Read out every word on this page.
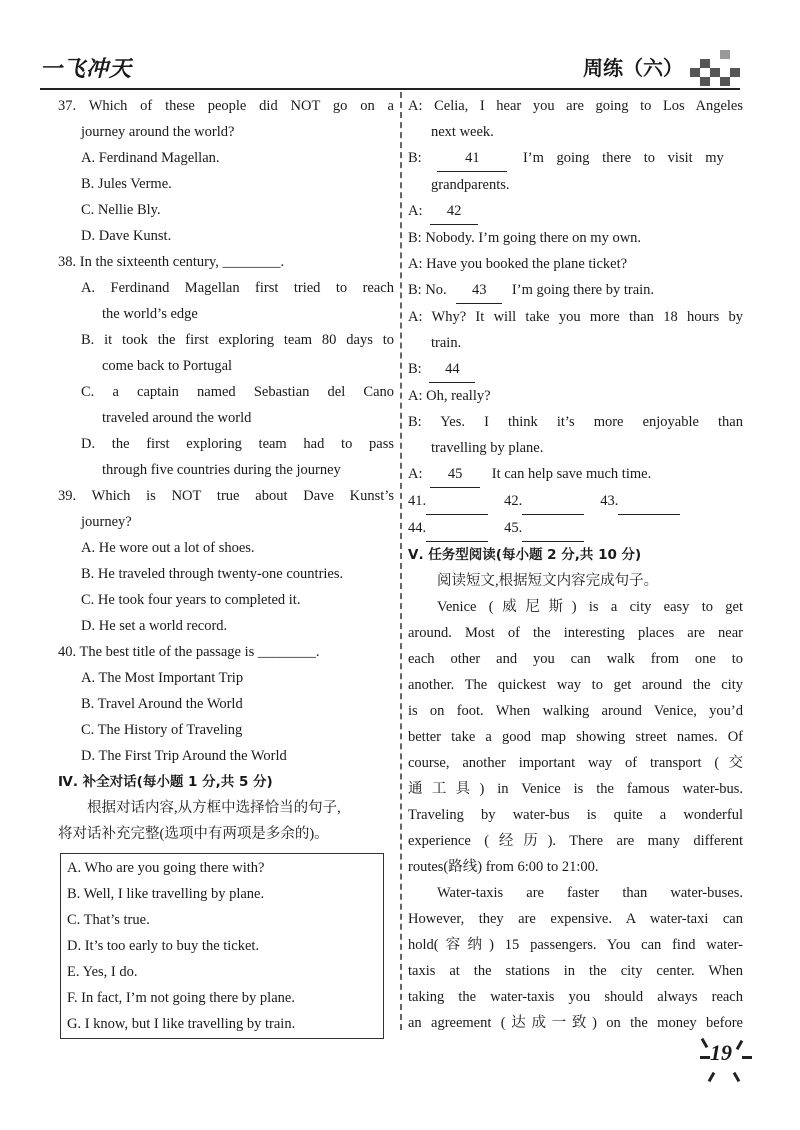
一飞冲天	周练（六）
37. Which of these people did NOT go on a
journey around the world?
A. Ferdinand Magellan.
B. Jules Verme.
C. Nellie Bly.
D. Dave Kunst.
38. In the sixteenth century, ________.
A. Ferdinand Magellan first tried to reach
the world’s edge
B. it took the first exploring team 80 days to
come back to Portugal
C. a captain named Sebastian del Cano
traveled around the world
D. the first exploring team had to pass
through five countries during the journey
39. Which is NOT true about Dave Kunst’s
journey?
A. He wore out a lot of shoes.
B. He traveled through twenty-one countries.
C. He took four years to completed it.
D. He set a world record.
40. The best title of the passage is ________.
A. The Most Important Trip
B. Travel Around the World
C. The History of Traveling
D. The First Trip Around the World
Ⅳ. 补全对话(每小题 1 分,共 5 分)
根据对话内容,从方框中选择恰当的句子,
将对话补充完整(选项中有两项是多余的)。
A. Who are you going there with?
B. Well, I like travelling by plane.
C. That’s true.
D. It’s too early to buy the ticket.
E. Yes, I do.
F. In fact, I’m not going there by plane.
G. I know, but I like travelling by train.
A: Celia, I hear you are going to Los Angeles
next week.
B:	41	I’m going there to visit my
grandparents.
A: 42
B: Nobody. I’m going there on my own.
A: Have you booked the plane ticket?
B: No. 43 I’m going there by train.
A: Why? It will take you more than 18 hours by
train.
B: 44
A: Oh, really?
B: Yes. I think it’s more enjoyable than
travelling by plane.
A: 45 It can help save much time.
41.	42.	43.
44.	45.
Ⅴ. 任务型阅读(每小题 2 分,共 10 分)
阅读短文,根据短文内容完成句子。
Venice (威尼斯) is a city easy to get
around. Most of the interesting places are near
each other and you can walk from one to
another. The quickest way to get around the city
is on foot. When walking around Venice, you’d
better take a good map showing street names. Of
course, another important way of transport (交
通工具) in Venice is the famous water-bus.
Traveling by water-bus is quite a wonderful
experience (经历). There are many different
routes(路线) from 6:00 to 21:00.
Water-taxis are faster than water-buses.
However, they are expensive. A water-taxi can
hold(容纳) 15 passengers. You can find water-
taxis at the stations in the city center. When
taking the water-taxis you should always reach
an agreement (达成一致) on the money before
19
